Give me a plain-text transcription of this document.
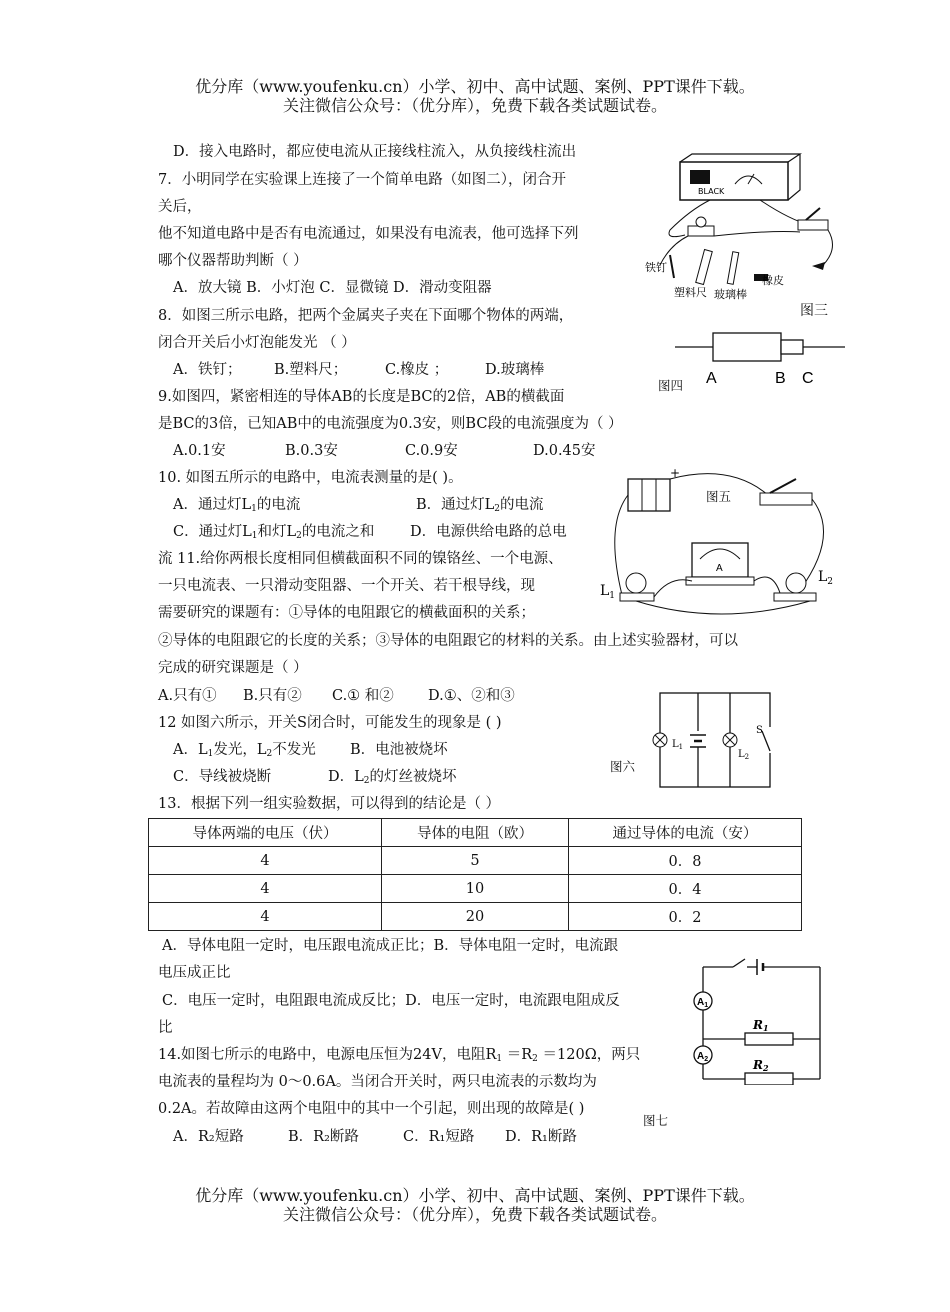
优分库（www.youfenku.cn）小学、初中、高中试题、案例、PPT课件下载。
关注微信公众号：（优分库），免费下载各类试题试卷。
D．接入电路时，都应使电流从正接线柱流入，从负接线柱流出
7．小明同学在实验课上连接了一个简单电路（如图二），闭合开
关后，
他不知道电路中是否有电流通过，如果没有电流表，他可选择下列
哪个仪器帮助判断（ ）
A．放大镜 B．小灯泡 C．显微镜 D．滑动变阻器
8．如图三所示电路，把两个金属夹子夹在下面哪个物体的两端，
闭合开关后小灯泡能发光 （ ）
A．铁钉； B.塑料尺；	C.橡皮 ；	D.玻璃棒
9.如图四，紧密相连的导体AB的长度是BC的2倍，AB的横截面
是BC的3倍，已知AB中的电流强度为0.3安，则BC段的电流强度为（ ）
A.0.1安	B.0.3安	C.0.9安	D.0.45安
10. 如图五所示的电路中，电流表测量的是( )。
A．通过灯$L_1$的电流	B．通过灯$L_2$的电流
C．通过灯$L_1$和灯$L_2$的电流之和 D．电源供给电路的总电
流 11.给你两根长度相同但横截面积不同的镍铬丝、一个电源、
一只电流表、一只滑动变阻器、一个开关、若干根导线，现
需要研究的课题有：①导体的电阻跟它的横截面积的关系；
②导体的电阻跟它的长度的关系；③导体的电阻跟它的材料的关系。由上述实验器材，可以
完成的研究课题是（ ）
A.只有① B.只有② C.① 和② D.①、②和③
12 如图六所示，开关S闭合时，可能发生的现象是 ( )
A．$L_1$发光，$L_2$不发光 B．电池被烧坏
C．导线被烧断	D．$L_2$的灯丝被烧坏
13．根据下列一组实验数据，可以得到的结论是（ ）
导体两端的电压（伏）	导体的电阻（欧）	通过导体的电流（安）
4	5	0．8
4	10	0．4
4	20	0．2
A．导体电阻一定时，电压跟电流成正比；B．导体电阻一定时，电流跟
电压成正比
C．电压一定时，电阻跟电流成反比；D．电压一定时，电流跟电阻成反
比
14.如图七所示的电路中，电源电压恒为24V，电阻$R_1 =R_2 =120\Omega$，两只
电流表的量程均为 0～0.6A。当闭合开关时，两只电流表的示数均为
0.2A。若故障由这两个电阻中的其中一个引起，则出现的故障是( )
A．R₂短路	B．R₂断路	C．R₁短路 D．R₁断路
BLACK
铁钉
塑料尺 玻璃棒
橡皮
图三
A	B C
图四
+
A
$L_1$
$L_2$
图五
$L_1$
$L_2$
S
图六
$A_1$
$A_2$
R1
R2
图七
优分库（www.youfenku.cn）小学、初中、高中试题、案例、PPT课件下载。
关注微信公众号：（优分库），免费下载各类试题试卷。
